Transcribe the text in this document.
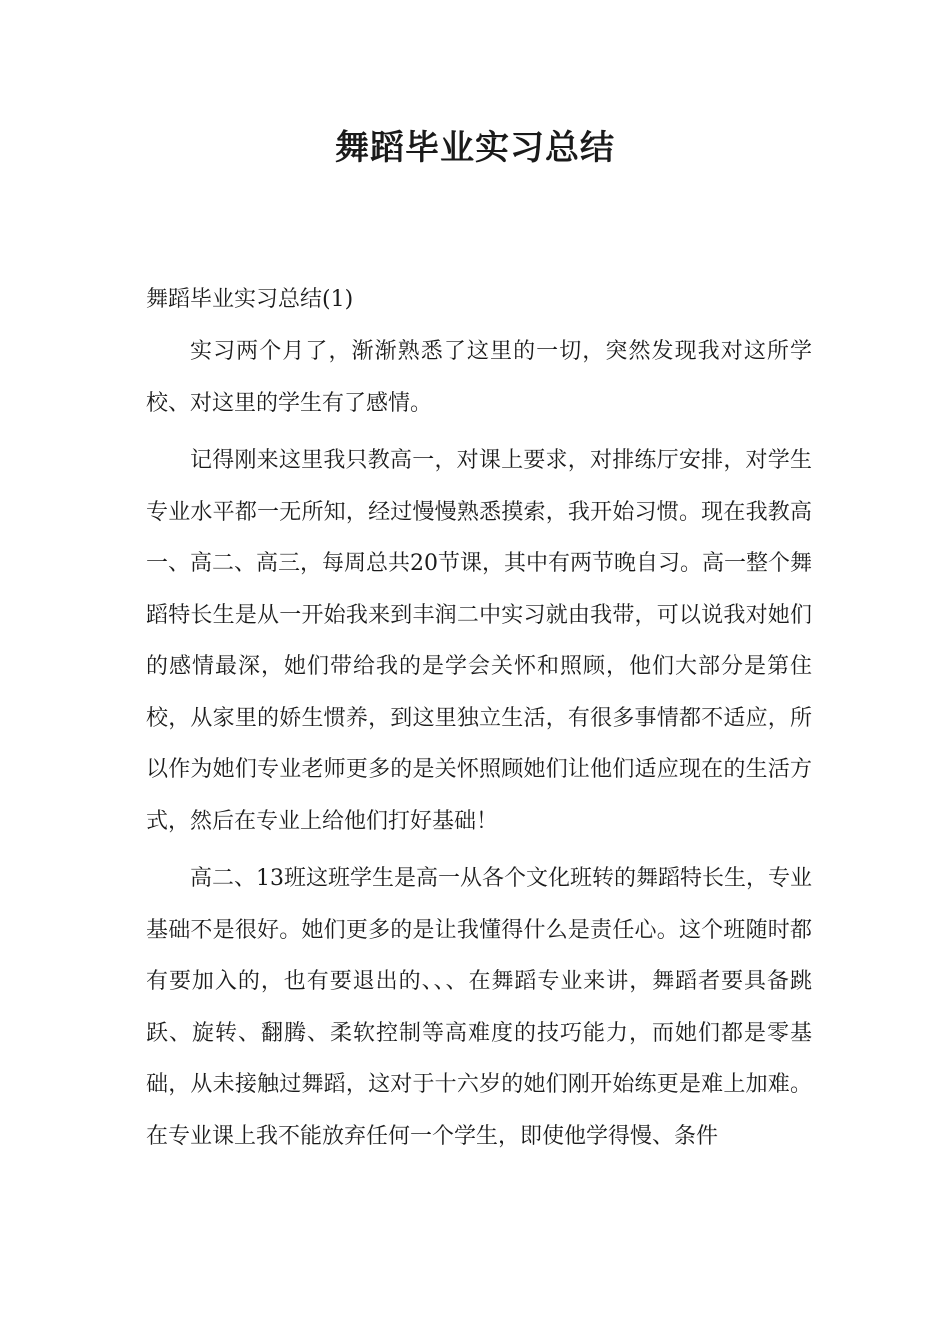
舞蹈毕业实习总结

舞蹈毕业实习总结(1)

实习两个月了，渐渐熟悉了这里的一切，突然发现我对这所学校、对这里的学生有了感情。

记得刚来这里我只教高一，对课上要求，对排练厅安排，对学生专业水平都一无所知，经过慢慢熟悉摸索，我开始习惯。现在我教高一、高二、高三，每周总共20节课，其中有两节晚自习。高一整个舞蹈特长生是从一开始我来到丰润二中实习就由我带，可以说我对她们的感情最深，她们带给我的是学会关怀和照顾，他们大部分是第住校，从家里的娇生惯养，到这里独立生活，有很多事情都不适应，所以作为她们专业老师更多的是关怀照顾她们让他们适应现在的生活方式，然后在专业上给他们打好基础！

高二、13班这班学生是高一从各个文化班转的舞蹈特长生，专业基础不是很好。她们更多的是让我懂得什么是责任心。这个班随时都有要加入的，也有要退出的、、、在舞蹈专业来讲，舞蹈者要具备跳跃、旋转、翻腾、柔软控制等高难度的技巧能力，而她们都是零基础，从未接触过舞蹈，这对于十六岁的她们刚开始练更是难上加难。在专业课上我不能放弃任何一个学生，即使他学得慢、条件
